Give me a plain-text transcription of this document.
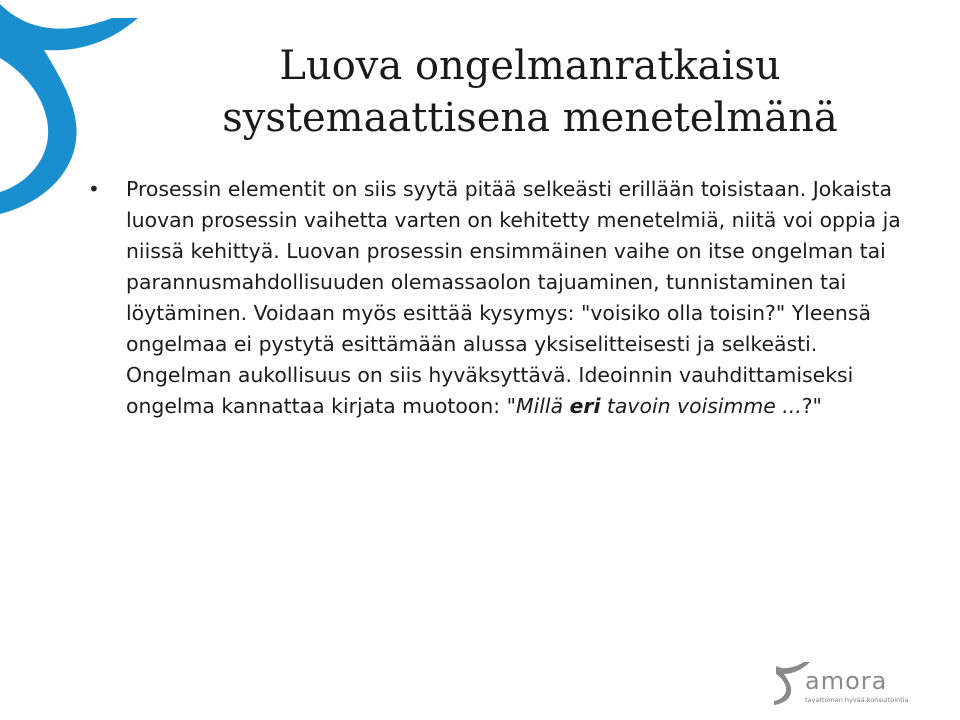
Luova ongelmanratkaisu
systemaattisena menetelmänä
• Prosessin elementit on siis syytä pitää selkeästi erillään toisistaan. Jokaista luovan prosessin vaihetta varten on kehitetty menetelmiä, niitä voi oppia ja niissä kehittyä. Luovan prosessin ensimmäinen vaihe on itse ongelman tai parannusmahdollisuuden olemassaolon tajuaminen, tunnistaminen tai löytäminen. Voidaan myös esittää kysymys: "voisiko olla toisin?" Yleensä ongelmaa ei pystytä esittämään alussa yksiselitteisesti ja selkeästi. Ongelman aukollisuus on siis hyväksyttävä. Ideoinnin vauhdittamiseksi ongelma kannattaa kirjata muotoon: "Millä eri tavoin voisimme ...?"
amora
tavattoman hyvää konsultointia
